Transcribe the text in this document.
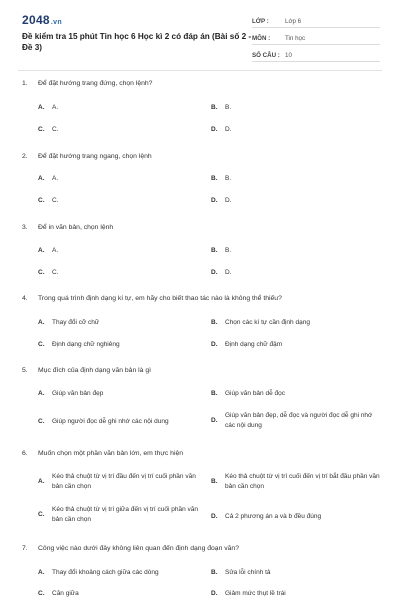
2048.vn
Đề kiểm tra 15 phút Tin học 6 Học kì 2 có đáp án (Bài số 2 - Đề 3)
LỚP :	Lớp 6
MÔN :	Tin học
SỐ CÂU : 10
1. Để đặt hướng trang đứng, chọn lệnh?
A.	A.	B.	B.
C.	C.	D.	D.
2. Để đặt hướng trang ngang, chọn lệnh
A.	A.	B.	B.
C.	C.	D.	D.
3. Để in văn bản, chọn lệnh
A.	A.	B.	B.
C.	C.	D.	D.
4. Trong quá trình định dạng kí tự, em hãy cho biết thao tác nào là không thể thiếu?
A.	Thay đổi cỡ chữ	B.	Chọn các kí tự cần định dạng
C.	Định dạng chữ nghiêng	D.	Định dạng chữ đậm
5. Mục đích của định dạng văn bản là gì
A.	Giúp văn bản đẹp	B.	Giúp văn bản dễ đọc
C.	Giúp người đọc dễ ghi nhớ các nội dung	D.
Giúp văn bản đẹp, dễ đọc và người đọc dễ ghi nhớ các nội dung
6. Muốn chọn một phần văn bản lớn, em thực hiện
A.
Kéo thả chuột từ vị trí đầu đến vị trí cuối phần văn bản cần chọn
B.
Kéo thả chuột từ vị trí cuối đến vị trí bắt đầu phần văn bản cần chọn
C.
Kéo thả chuột từ vị trí giữa đến vị trí cuối phần văn bản cần chọn	D.	Cả 2 phương án a và b đều đúng
7. Công việc nào dưới đây không liên quan đến định dạng đoạn văn?
A.	Thay đổi khoảng cách giữa các dòng	B.	Sửa lỗi chính tả
C.	Căn giữa	D.	Giảm mức thụt lề trái
